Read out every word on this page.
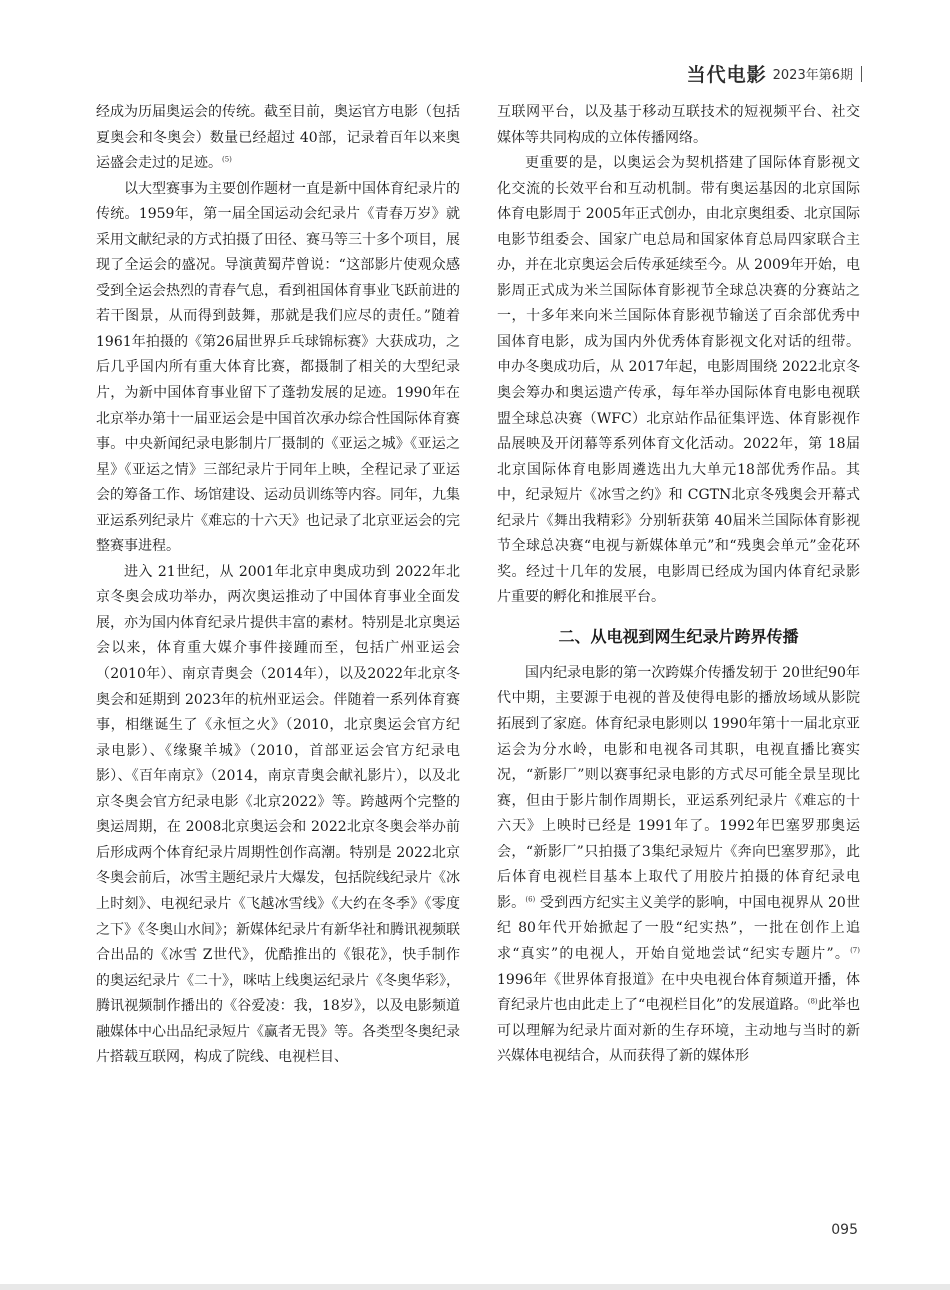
当代电影 2023年第6期

经成为历届奥运会的传统。截至目前，奥运官方电影（包括夏奥会和冬奥会）数量已经超过 40部，记录着百年以来奥运盛会走过的足迹。$^{(5)}$

以大型赛事为主要创作题材一直是新中国体育纪录片的传统。1959年，第一届全国运动会纪录片《青春万岁》就采用文献纪录的方式拍摄了田径、赛马等三十多个项目，展现了全运会的盛况。导演黄蜀芹曾说：“这部影片使观众感受到全运会热烈的青春气息，看到祖国体育事业飞跃前进的若干图景，从而得到鼓舞，那就是我们应尽的责任。”随着 1961年拍摄的《第26届世界乒乓球锦标赛》大获成功，之后几乎国内所有重大体育比赛，都摄制了相关的大型纪录片，为新中国体育事业留下了蓬勃发展的足迹。1990年在北京举办第十一届亚运会是中国首次承办综合性国际体育赛事。中央新闻纪录电影制片厂摄制的《亚运之城》《亚运之星》《亚运之情》三部纪录片于同年上映，全程记录了亚运会的筹备工作、场馆建设、运动员训练等内容。同年，九集亚运系列纪录片《难忘的十六天》也记录了北京亚运会的完整赛事进程。

进入 21世纪，从 2001年北京申奥成功到 2022年北京冬奥会成功举办，两次奥运推动了中国体育事业全面发展，亦为国内体育纪录片提供丰富的素材。特别是北京奥运会以来，体育重大媒介事件接踵而至，包括广州亚运会（2010年）、南京青奥会（2014年），以及2022年北京冬奥会和延期到 2023年的杭州亚运会。伴随着一系列体育赛事，相继诞生了《永恒之火》（2010，北京奥运会官方纪录电影）、《缘聚羊城》（2010，首部亚运会官方纪录电影）、《百年南京》（2014，南京青奥会献礼影片），以及北京冬奥会官方纪录电影《北京2022》等。跨越两个完整的奥运周期，在 2008北京奥运会和 2022北京冬奥会举办前后形成两个体育纪录片周期性创作高潮。特别是 2022北京冬奥会前后，冰雪主题纪录片大爆发，包括院线纪录片《冰上时刻》、电视纪录片《飞越冰雪线》《大约在冬季》《零度之下》《冬奥山水间》；新媒体纪录片有新华社和腾讯视频联合出品的《冰雪 Z世代》，优酷推出的《银花》，快手制作的奥运纪录片《二十》，咪咕上线奥运纪录片《冬奥华彩》，腾讯视频制作播出的《谷爱凌：我，18岁》，以及电影频道融媒体中心出品纪录短片《赢者无畏》等。各类型冬奥纪录片搭载互联网，构成了院线、电视栏目、

互联网平台，以及基于移动互联技术的短视频平台、社交媒体等共同构成的立体传播网络。

更重要的是，以奥运会为契机搭建了国际体育影视文化交流的长效平台和互动机制。带有奥运基因的北京国际体育电影周于 2005年正式创办，由北京奥组委、北京国际电影节组委会、国家广电总局和国家体育总局四家联合主办，并在北京奥运会后传承延续至今。从 2009年开始，电影周正式成为米兰国际体育影视节全球总决赛的分赛站之一，十多年来向米兰国际体育影视节输送了百余部优秀中国体育电影，成为国内外优秀体育影视文化对话的纽带。申办冬奥成功后，从 2017年起，电影周围绕 2022北京冬奥会筹办和奥运遗产传承，每年举办国际体育电影电视联盟全球总决赛（WFC）北京站作品征集评选、体育影视作品展映及开闭幕等系列体育文化活动。2022年，第 18届北京国际体育电影周遴选出九大单元18部优秀作品。其中，纪录短片《冰雪之约》和 CGTN北京冬残奥会开幕式纪录片《舞出我精彩》分别斩获第 40届米兰国际体育影视节全球总决赛“电视与新媒体单元”和“残奥会单元”金花环奖。经过十几年的发展，电影周已经成为国内体育纪录影片重要的孵化和推展平台。

二、从电视到网生纪录片跨界传播

国内纪录电影的第一次跨媒介传播发轫于 20世纪90年代中期，主要源于电视的普及使得电影的播放场域从影院拓展到了家庭。体育纪录电影则以 1990年第十一届北京亚运会为分水岭，电影和电视各司其职，电视直播比赛实况，“新影厂”则以赛事纪录电影的方式尽可能全景呈现比赛，但由于影片制作周期长，亚运系列纪录片《难忘的十六天》上映时已经是 1991年了。1992年巴塞罗那奥运会，“新影厂”只拍摄了3集纪录短片《奔向巴塞罗那》，此后体育电视栏目基本上取代了用胶片拍摄的体育纪录电影。$^{(6)}$ 受到西方纪实主义美学的影响，中国电视界从 20世纪 80年代开始掀起了一股“纪实热”，一批在创作上追求“真实”的电视人，开始自觉地尝试“纪实专题片”。$^{(7)}$ 1996年《世界体育报道》在中央电视台体育频道开播，体育纪录片也由此走上了“电视栏目化”的发展道路。$^{(8)}$此举也可以理解为纪录片面对新的生存环境，主动地与当时的新兴媒体电视结合，从而获得了新的媒体形

095
